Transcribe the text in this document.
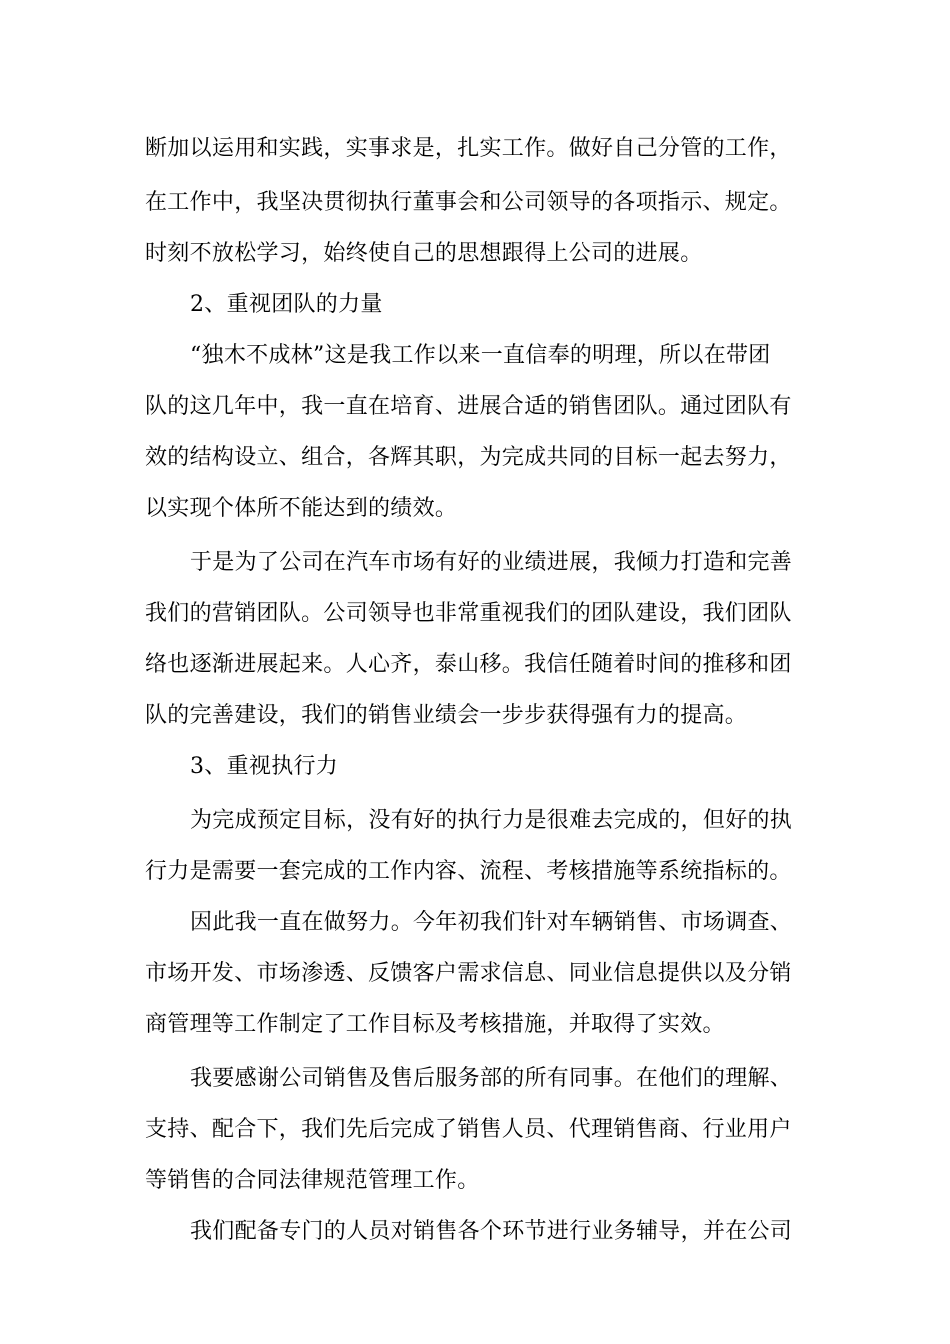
断加以运用和实践，实事求是，扎实工作。做好自己分管的工作，
在工作中，我坚决贯彻执行董事会和公司领导的各项指示、规定。
时刻不放松学习，始终使自己的思想跟得上公司的进展。
2、重视团队的力量
“独木不成林”这是我工作以来一直信奉的明理，所以在带团
队的这几年中，我一直在培育、进展合适的销售团队。通过团队有
效的结构设立、组合，各辉其职，为完成共同的目标一起去努力，
以实现个体所不能达到的绩效。
于是为了公司在汽车市场有好的业绩进展，我倾力打造和完善
我们的营销团队。公司领导也非常重视我们的团队建设，我们团队
络也逐渐进展起来。人心齐，泰山移。我信任随着时间的推移和团
队的完善建设，我们的销售业绩会一步步获得强有力的提高。
3、重视执行力
为完成预定目标，没有好的执行力是很难去完成的，但好的执
行力是需要一套完成的工作内容、流程、考核措施等系统指标的。
因此我一直在做努力。今年初我们针对车辆销售、市场调查、
市场开发、市场渗透、反馈客户需求信息、同业信息提供以及分销
商管理等工作制定了工作目标及考核措施，并取得了实效。
我要感谢公司销售及售后服务部的所有同事。在他们的理解、
支持、配合下，我们先后完成了销售人员、代理销售商、行业用户
等销售的合同法律规范管理工作。
我们配备专门的人员对销售各个环节进行业务辅导，并在公司
